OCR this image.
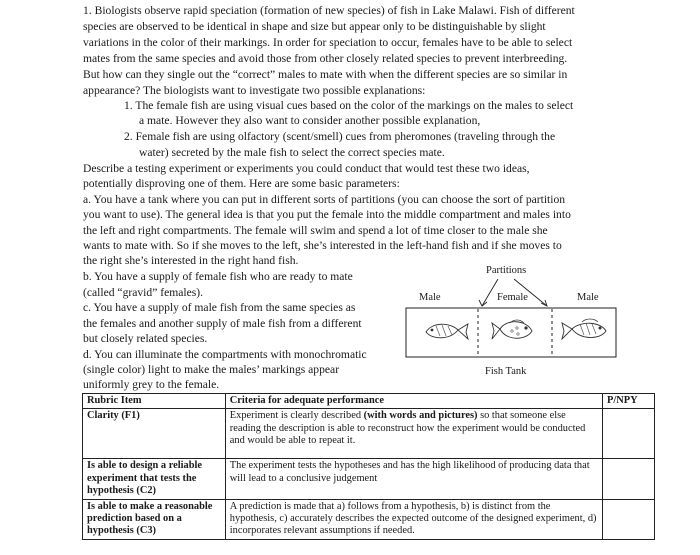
1. Biologists observe rapid speciation (formation of new species) of fish in Lake Malawi. Fish of different
species are observed to be identical in shape and size but appear only to be distinguishable by slight
variations in the color of their markings. In order for speciation to occur, females have to be able to select
mates from the same species and avoid those from other closely related species to prevent interbreeding.
But how can they single out the “correct” males to mate with when the different species are so similar in
appearance? The biologists want to investigate two possible explanations:
1. The female fish are using visual cues based on the color of the markings on the males to select
a mate. However they also want to consider another possible explanation,
2. Female fish are using olfactory (scent/smell) cues from pheromones (traveling through the
water) secreted by the male fish to select the correct species mate.
Describe a testing experiment or experiments you could conduct that would test these two ideas,
potentially disproving one of them. Here are some basic parameters:
a. You have a tank where you can put in different sorts of partitions (you can choose the sort of partition
you want to use). The general idea is that you put the female into the middle compartment and males into
the left and right compartments. The female will swim and spend a lot of time closer to the male she
wants to mate with. So if she moves to the left, she’s interested in the left-hand fish and if she moves to
the right she’s interested in the right hand fish.
b. You have a supply of female fish who are ready to mate
(called “gravid” females).
c. You have a supply of male fish from the same species as
the females and another supply of male fish from a different
but closely related species.
d. You can illuminate the compartments with monochromatic
(single color) light to make the males’ markings appear
uniformly grey to the female.
Partitions
Male	Female	Male
Fish Tank
Rubric Item	Criteria for adequate performance	P/NPY
Clarity (F1)	Experiment is clearly described (with words and pictures) so that someone else reading the description is able to reconstruct how the experiment would be conducted and would be able to repeat it.	
Is able to design a reliable experiment that tests the hypothesis (C2)	The experiment tests the hypotheses and has the high likelihood of producing data that will lead to a conclusive judgement	
Is able to make a reasonable prediction based on a hypothesis (C3)	A prediction is made that a) follows from a hypothesis, b) is distinct from the hypothesis, c) accurately describes the expected outcome of the designed experiment, d) incorporates relevant assumptions if needed.	
